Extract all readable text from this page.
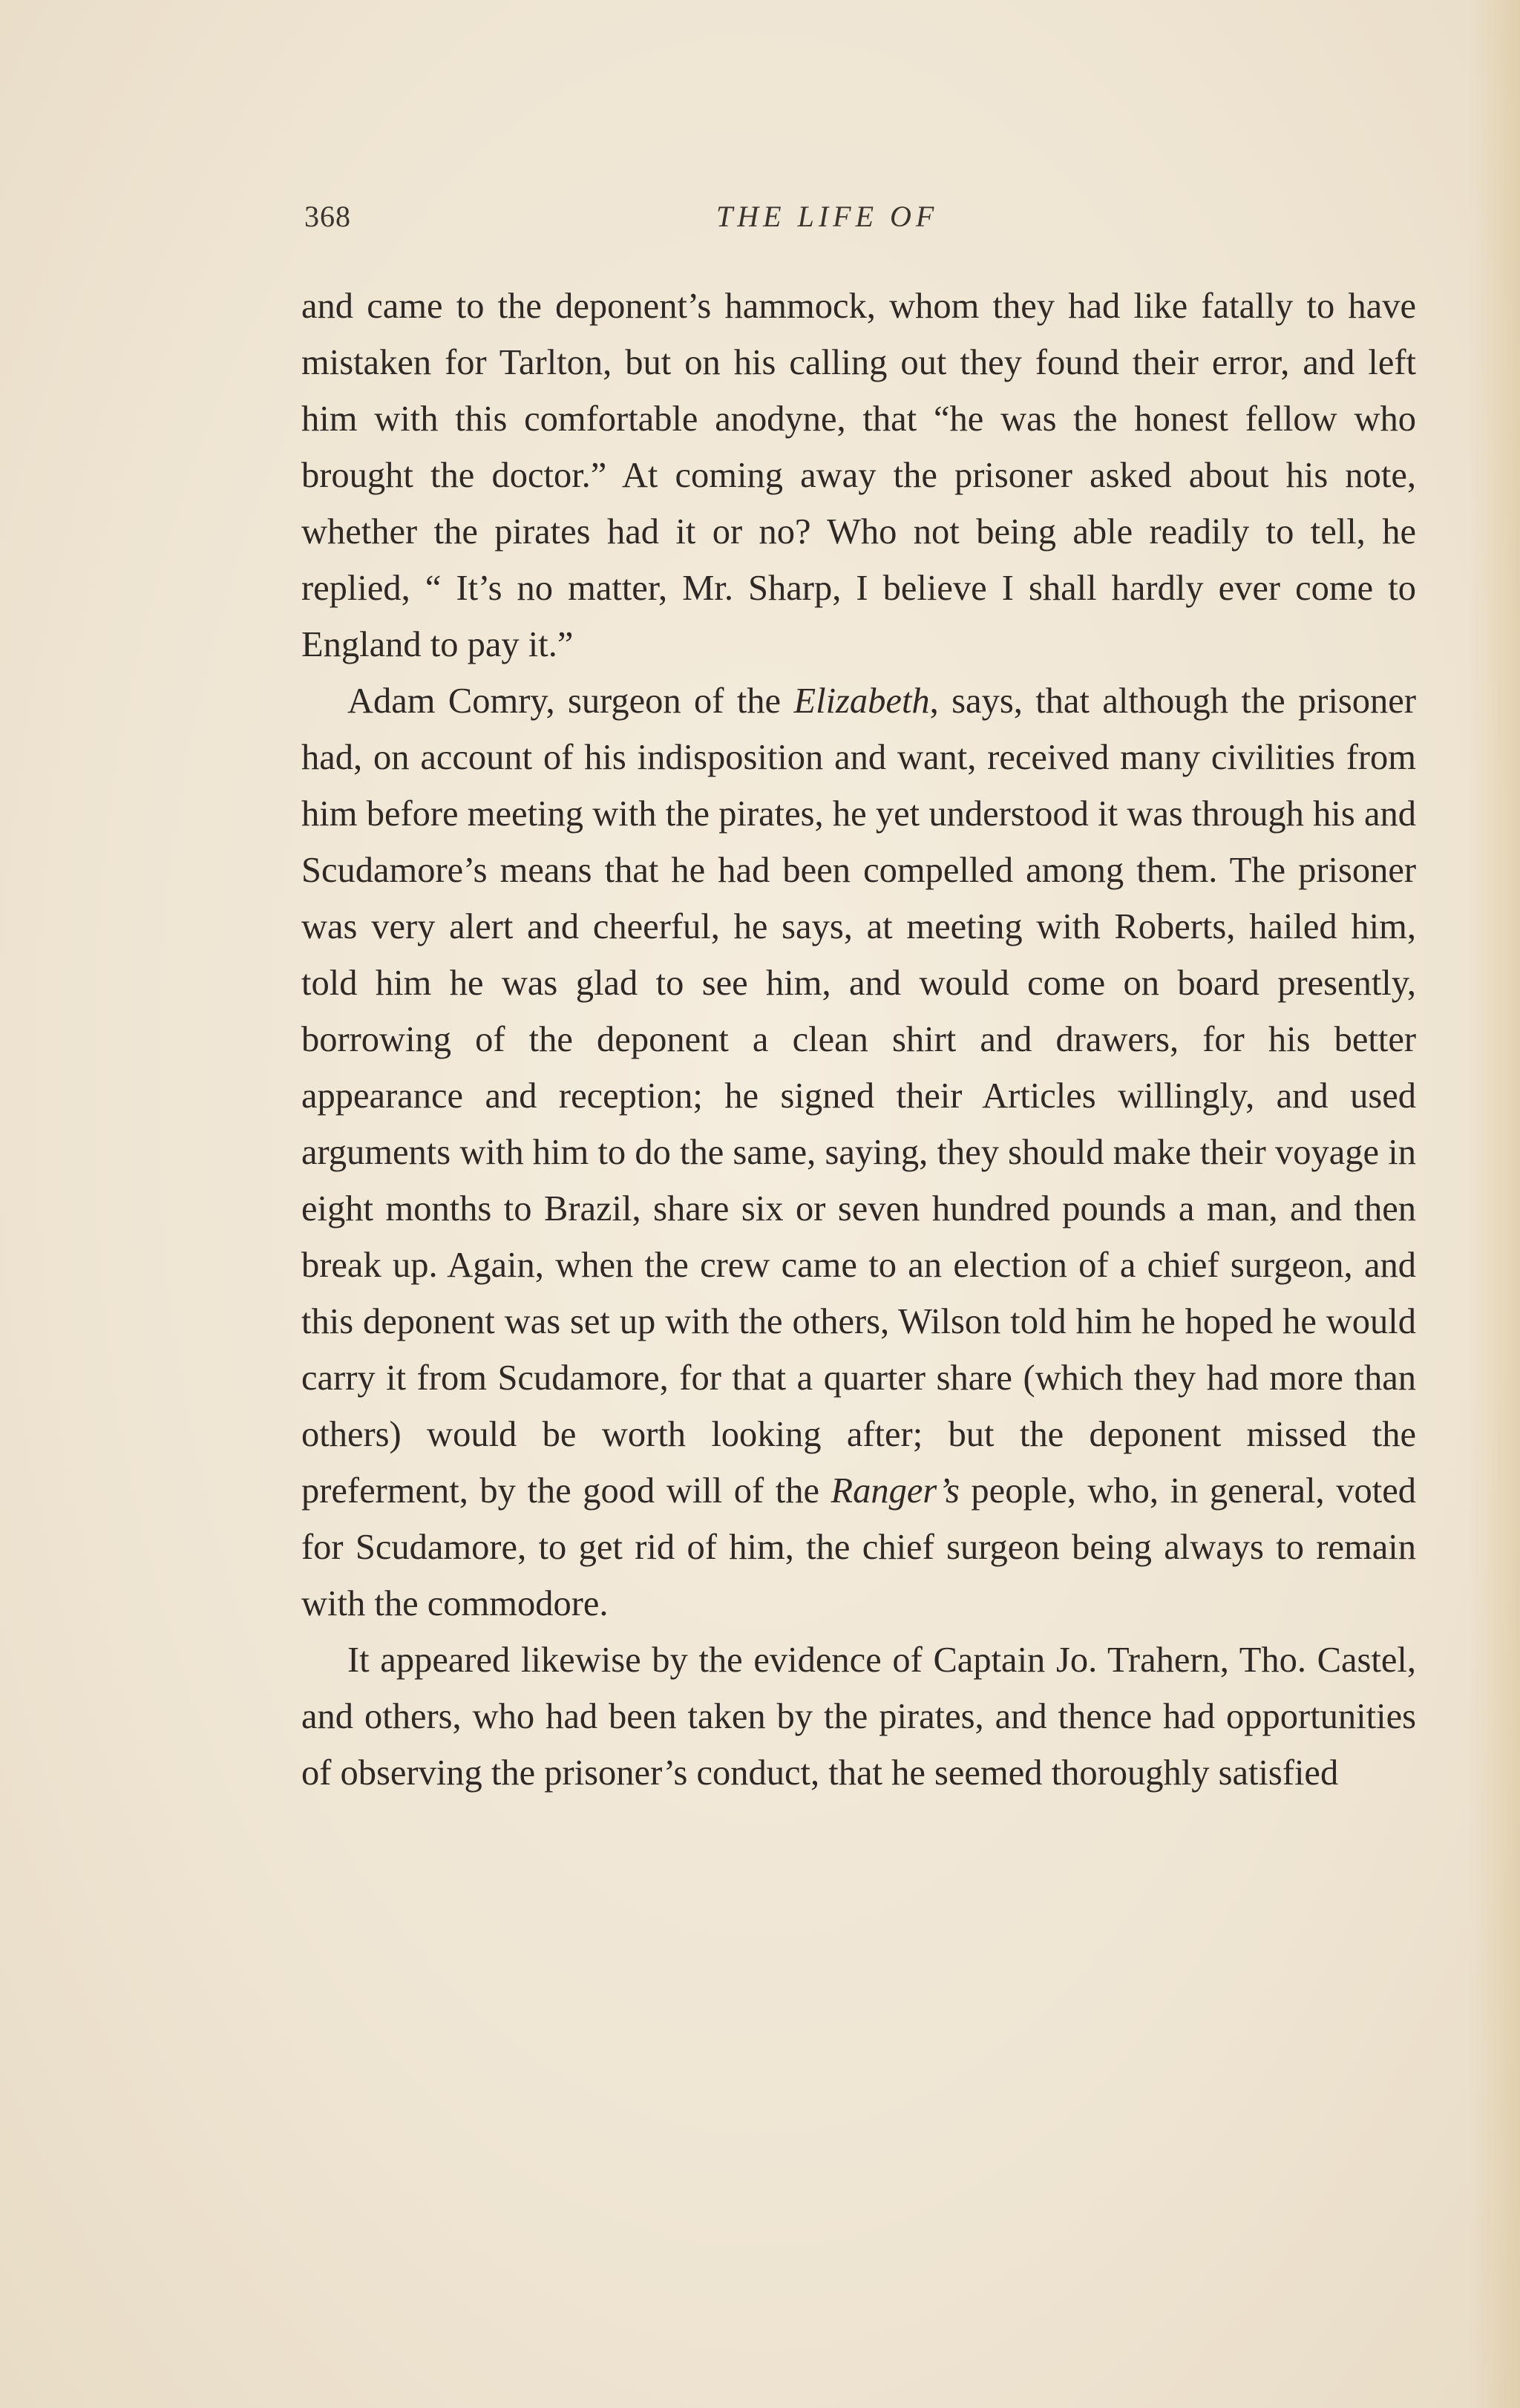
368	THE LIFE OF

and came to the deponent’s hammock, whom they had like fatally to have mistaken for Tarlton, but on his calling out they found their error, and left him with this comfortable anodyne, that “he was the honest fellow who brought the doctor.” At coming away the prisoner asked about his note, whether the pirates had it or no? Who not being able readily to tell, he replied, “ It’s no matter, Mr. Sharp, I believe I shall hardly ever come to England to pay it.”

Adam Comry, surgeon of the Elizabeth, says, that although the prisoner had, on account of his indisposition and want, received many civilities from him before meeting with the pirates, he yet understood it was through his and Scudamore’s means that he had been compelled among them. The prisoner was very alert and cheerful, he says, at meeting with Roberts, hailed him, told him he was glad to see him, and would come on board presently, borrowing of the deponent a clean shirt and drawers, for his better appearance and reception; he signed their Articles willingly, and used arguments with him to do the same, saying, they should make their voyage in eight months to Brazil, share six or seven hundred pounds a man, and then break up. Again, when the crew came to an election of a chief surgeon, and this deponent was set up with the others, Wilson told him he hoped he would carry it from Scudamore, for that a quarter share (which they had more than others) would be worth looking after; but the deponent missed the preferment, by the good will of the Ranger’s people, who, in general, voted for Scudamore, to get rid of him, the chief surgeon being always to remain with the commodore.

It appeared likewise by the evidence of Captain Jo. Trahern, Tho. Castel, and others, who had been taken by the pirates, and thence had opportunities of observing the prisoner’s conduct, that he seemed thoroughly satisfied
